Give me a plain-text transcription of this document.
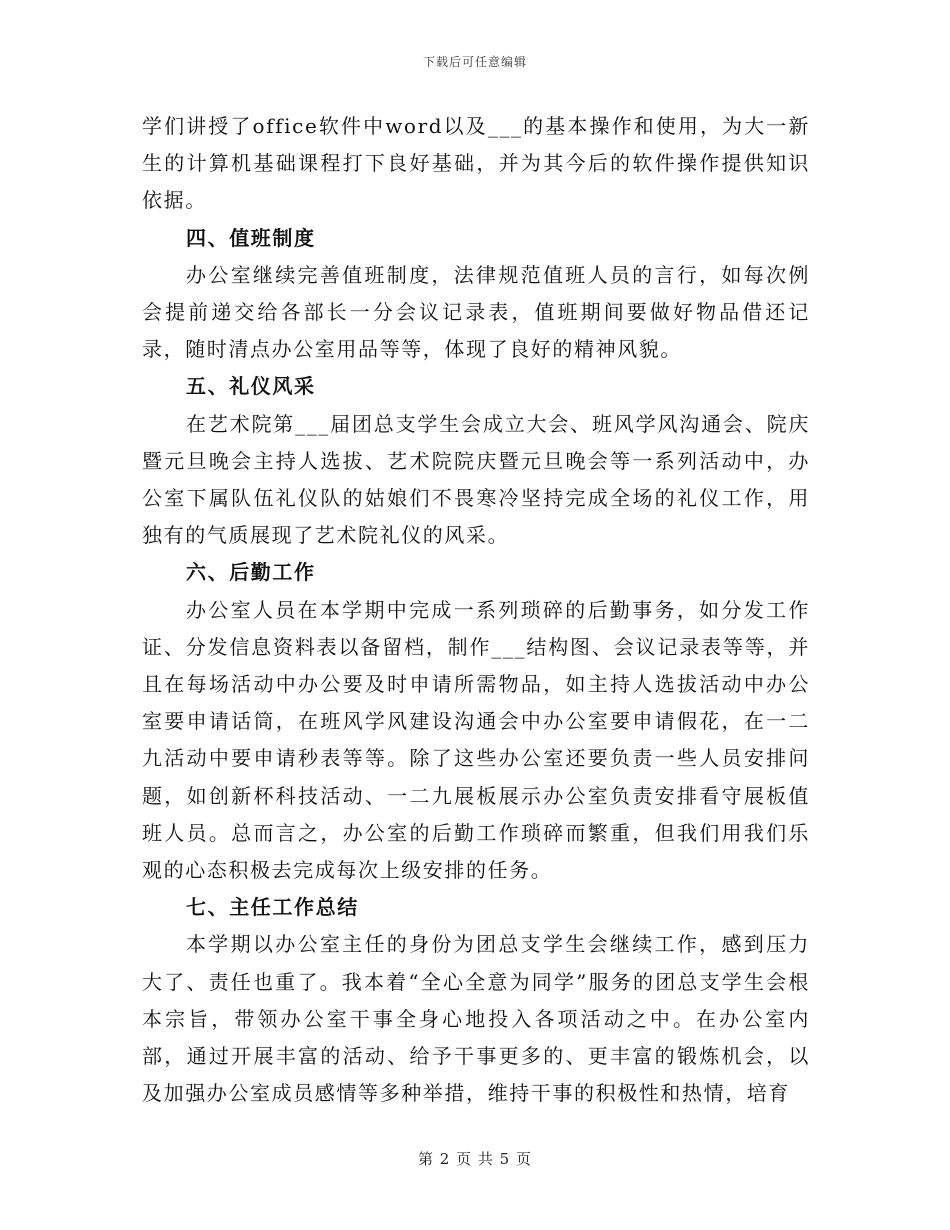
下载后可任意编辑

学们讲授了office软件中word以及___的基本操作和使用，为大一新生的计算机基础课程打下良好基础，并为其今后的软件操作提供知识依据。

四、值班制度

办公室继续完善值班制度，法律规范值班人员的言行，如每次例会提前递交给各部长一分会议记录表，值班期间要做好物品借还记录，随时清点办公室用品等等，体现了良好的精神风貌。

五、礼仪风采

在艺术院第___届团总支学生会成立大会、班风学风沟通会、院庆暨元旦晚会主持人选拔、艺术院院庆暨元旦晚会等一系列活动中，办公室下属队伍礼仪队的姑娘们不畏寒冷坚持完成全场的礼仪工作，用独有的气质展现了艺术院礼仪的风采。

六、后勤工作

办公室人员在本学期中完成一系列琐碎的后勤事务，如分发工作证、分发信息资料表以备留档，制作___结构图、会议记录表等等，并且在每场活动中办公要及时申请所需物品，如主持人选拔活动中办公室要申请话筒，在班风学风建设沟通会中办公室要申请假花，在一二九活动中要申请秒表等等。除了这些办公室还要负责一些人员安排问题，如创新杯科技活动、一二九展板展示办公室负责安排看守展板值班人员。总而言之，办公室的后勤工作琐碎而繁重，但我们用我们乐观的心态积极去完成每次上级安排的任务。

七、主任工作总结

本学期以办公室主任的身份为团总支学生会继续工作，感到压力大了、责任也重了。我本着“全心全意为同学”服务的团总支学生会根本宗旨，带领办公室干事全身心地投入各项活动之中。在办公室内部，通过开展丰富的活动、给予干事更多的、更丰富的锻炼机会，以及加强办公室成员感情等多种举措，维持干事的积极性和热情，培育

第 2 页 共 5 页
